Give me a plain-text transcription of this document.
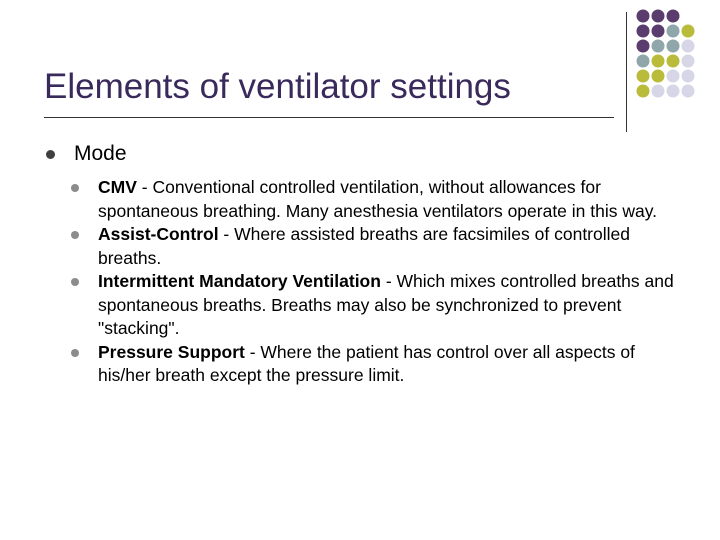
Elements of ventilator settings
Mode
CMV - Conventional controlled ventilation, without allowances for spontaneous breathing. Many anesthesia ventilators operate in this way.
Assist-Control - Where assisted breaths are facsimiles of controlled breaths.
Intermittent Mandatory Ventilation - Which mixes controlled breaths and spontaneous breaths. Breaths may also be synchronized to prevent "stacking".
Pressure Support - Where the patient has control over all aspects of his/her breath except the pressure limit.
